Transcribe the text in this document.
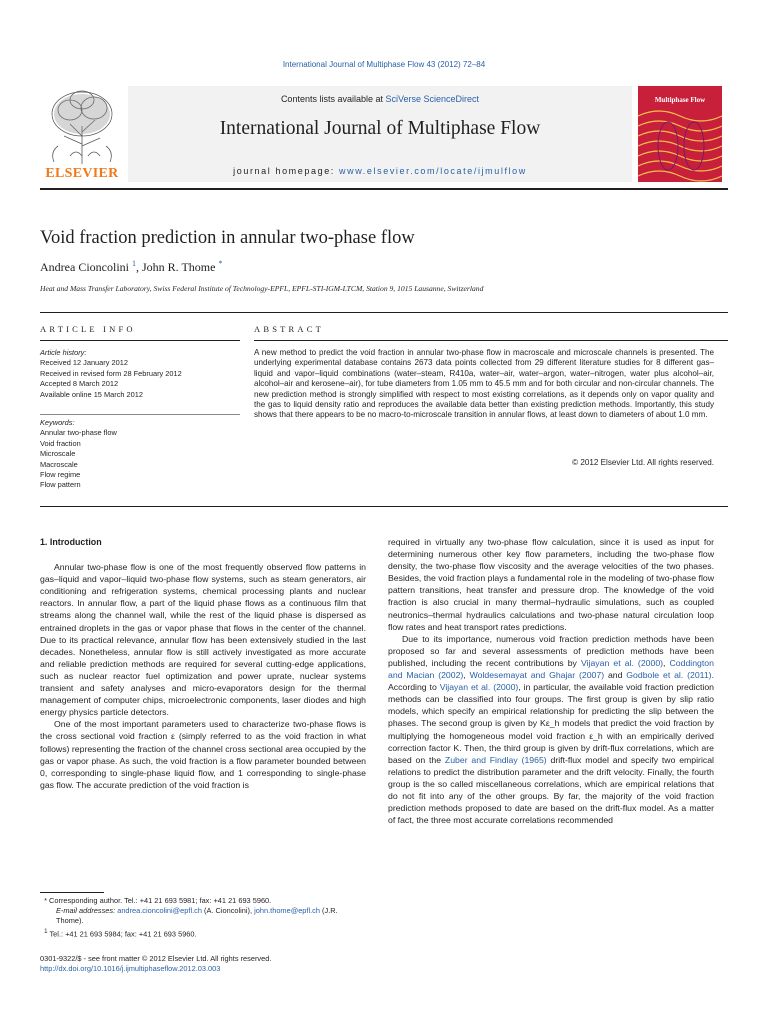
International Journal of Multiphase Flow 43 (2012) 72–84
ELSEVIER
Contents lists available at SciVerse ScienceDirect
International Journal of Multiphase Flow
journal homepage: www.elsevier.com/locate/ijmulflow
Multiphase Flow
Void fraction prediction in annular two-phase flow
Andrea Cioncolini $^1$, John R. Thome *
Heat and Mass Transfer Laboratory, Swiss Federal Institute of Technology-EPFL, EPFL-STI-IGM-LTCM, Station 9, 1015 Lausanne, Switzerland
ARTICLE INFO
Article history:
Received 12 January 2012
Received in revised form 28 February 2012
Accepted 8 March 2012
Available online 15 March 2012
Keywords:
Annular two-phase flow
Void fraction
Microscale
Macroscale
Flow regime
Flow pattern
ABSTRACT
A new method to predict the void fraction in annular two-phase flow in macroscale and microscale channels is presented. The underlying experimental database contains 2673 data points collected from 29 different literature studies for 8 different gas–liquid and vapor–liquid combinations (water–steam, R410a, water–air, water–argon, water–nitrogen, water plus alcohol–air, alcohol–air and kerosene–air), for tube diameters from 1.05 mm to 45.5 mm and for both circular and non-circular channels. The new prediction method is strongly simplified with respect to most existing correlations, as it depends only on vapor quality and the gas to liquid density ratio and reproduces the available data better than existing prediction methods. Importantly, this study shows that there appears to be no macro-to-microscale transition in annular flows, at least down to diameters of about 1.0 mm.
© 2012 Elsevier Ltd. All rights reserved.
1. Introduction

Annular two-phase flow is one of the most frequently observed flow patterns in gas–liquid and vapor–liquid two-phase flow systems, such as steam generators, air conditioning and refrigeration systems, chemical processing plants and nuclear reactors. In annular flow, a part of the liquid phase flows as a continuous film that streams along the channel wall, while the rest of the liquid phase is dispersed as entrained droplets in the gas or vapor phase that flows in the center of the channel. Due to its practical relevance, annular flow has been extensively studied in the last decades. Nonetheless, annular flow is still actively investigated as more accurate and reliable prediction methods are required for several cutting-edge applications, such as nuclear reactor fuel optimization and power uprate, nuclear systems transient and safety analyses and micro-evaporators design for the thermal management of computer chips, microelectronic components, laser diodes and high energy physics particle detectors.

One of the most important parameters used to characterize two-phase flows is the cross sectional void fraction ε (simply referred to as the void fraction in what follows) representing the fraction of the channel cross sectional area occupied by the gas or vapor phase. As such, the void fraction is a flow parameter bounded between 0, corresponding to single-phase liquid flow, and 1 corresponding to single-phase gas flow. The accurate prediction of the void fraction is

* Corresponding author. Tel.: +41 21 693 5981; fax: +41 21 693 5960.
E-mail addresses: andrea.cioncolini@epfl.ch (A. Cioncolini), john.thome@epfl.ch (J.R. Thome).
$^1$ Tel.: +41 21 693 5984; fax: +41 21 693 5960.
0301-9322/$ - see front matter © 2012 Elsevier Ltd. All rights reserved.
http://dx.doi.org/10.1016/j.ijmultiphaseflow.2012.03.003

required in virtually any two-phase flow calculation, since it is used as input for determining numerous other key flow parameters, including the two-phase flow density, the two-phase flow viscosity and the average velocities of the two phases. Besides, the void fraction plays a fundamental role in the modeling of two-phase flow pattern transitions, heat transfer and pressure drop. The knowledge of the void fraction is also crucial in many thermal–hydraulic simulations, such as coupled neutronics–thermal hydraulics calculations and two-phase natural circulation loop flow rates and heat transport rates predictions.

Due to its importance, numerous void fraction prediction methods have been proposed so far and several assessments of prediction methods have been published, including the recent contributions by Vijayan et al. (2000), Coddington and Macian (2002), Woldesemayat and Ghajar (2007) and Godbole et al. (2011). According to Vijayan et al. (2000), in particular, the available void fraction prediction methods can be classified into four groups. The first group is given by slip ratio models, which specify an empirical relationship for predicting the slip between the phases. The second group is given by Kε_h models that predict the void fraction by multiplying the homogeneous model void fraction ε_h with an empirically derived correction factor K. Then, the third group is given by drift-flux correlations, which are based on the Zuber and Findlay (1965) drift-flux model and specify two empirical relations to predict the distribution parameter and the drift velocity. Finally, the fourth group is the so called miscellaneous correlations, which are empirical relations that do not fit into any of the other groups. By far, the majority of the void fraction prediction methods proposed to date are based on the drift-flux model. As a matter of fact, the three most accurate correlations recommended
